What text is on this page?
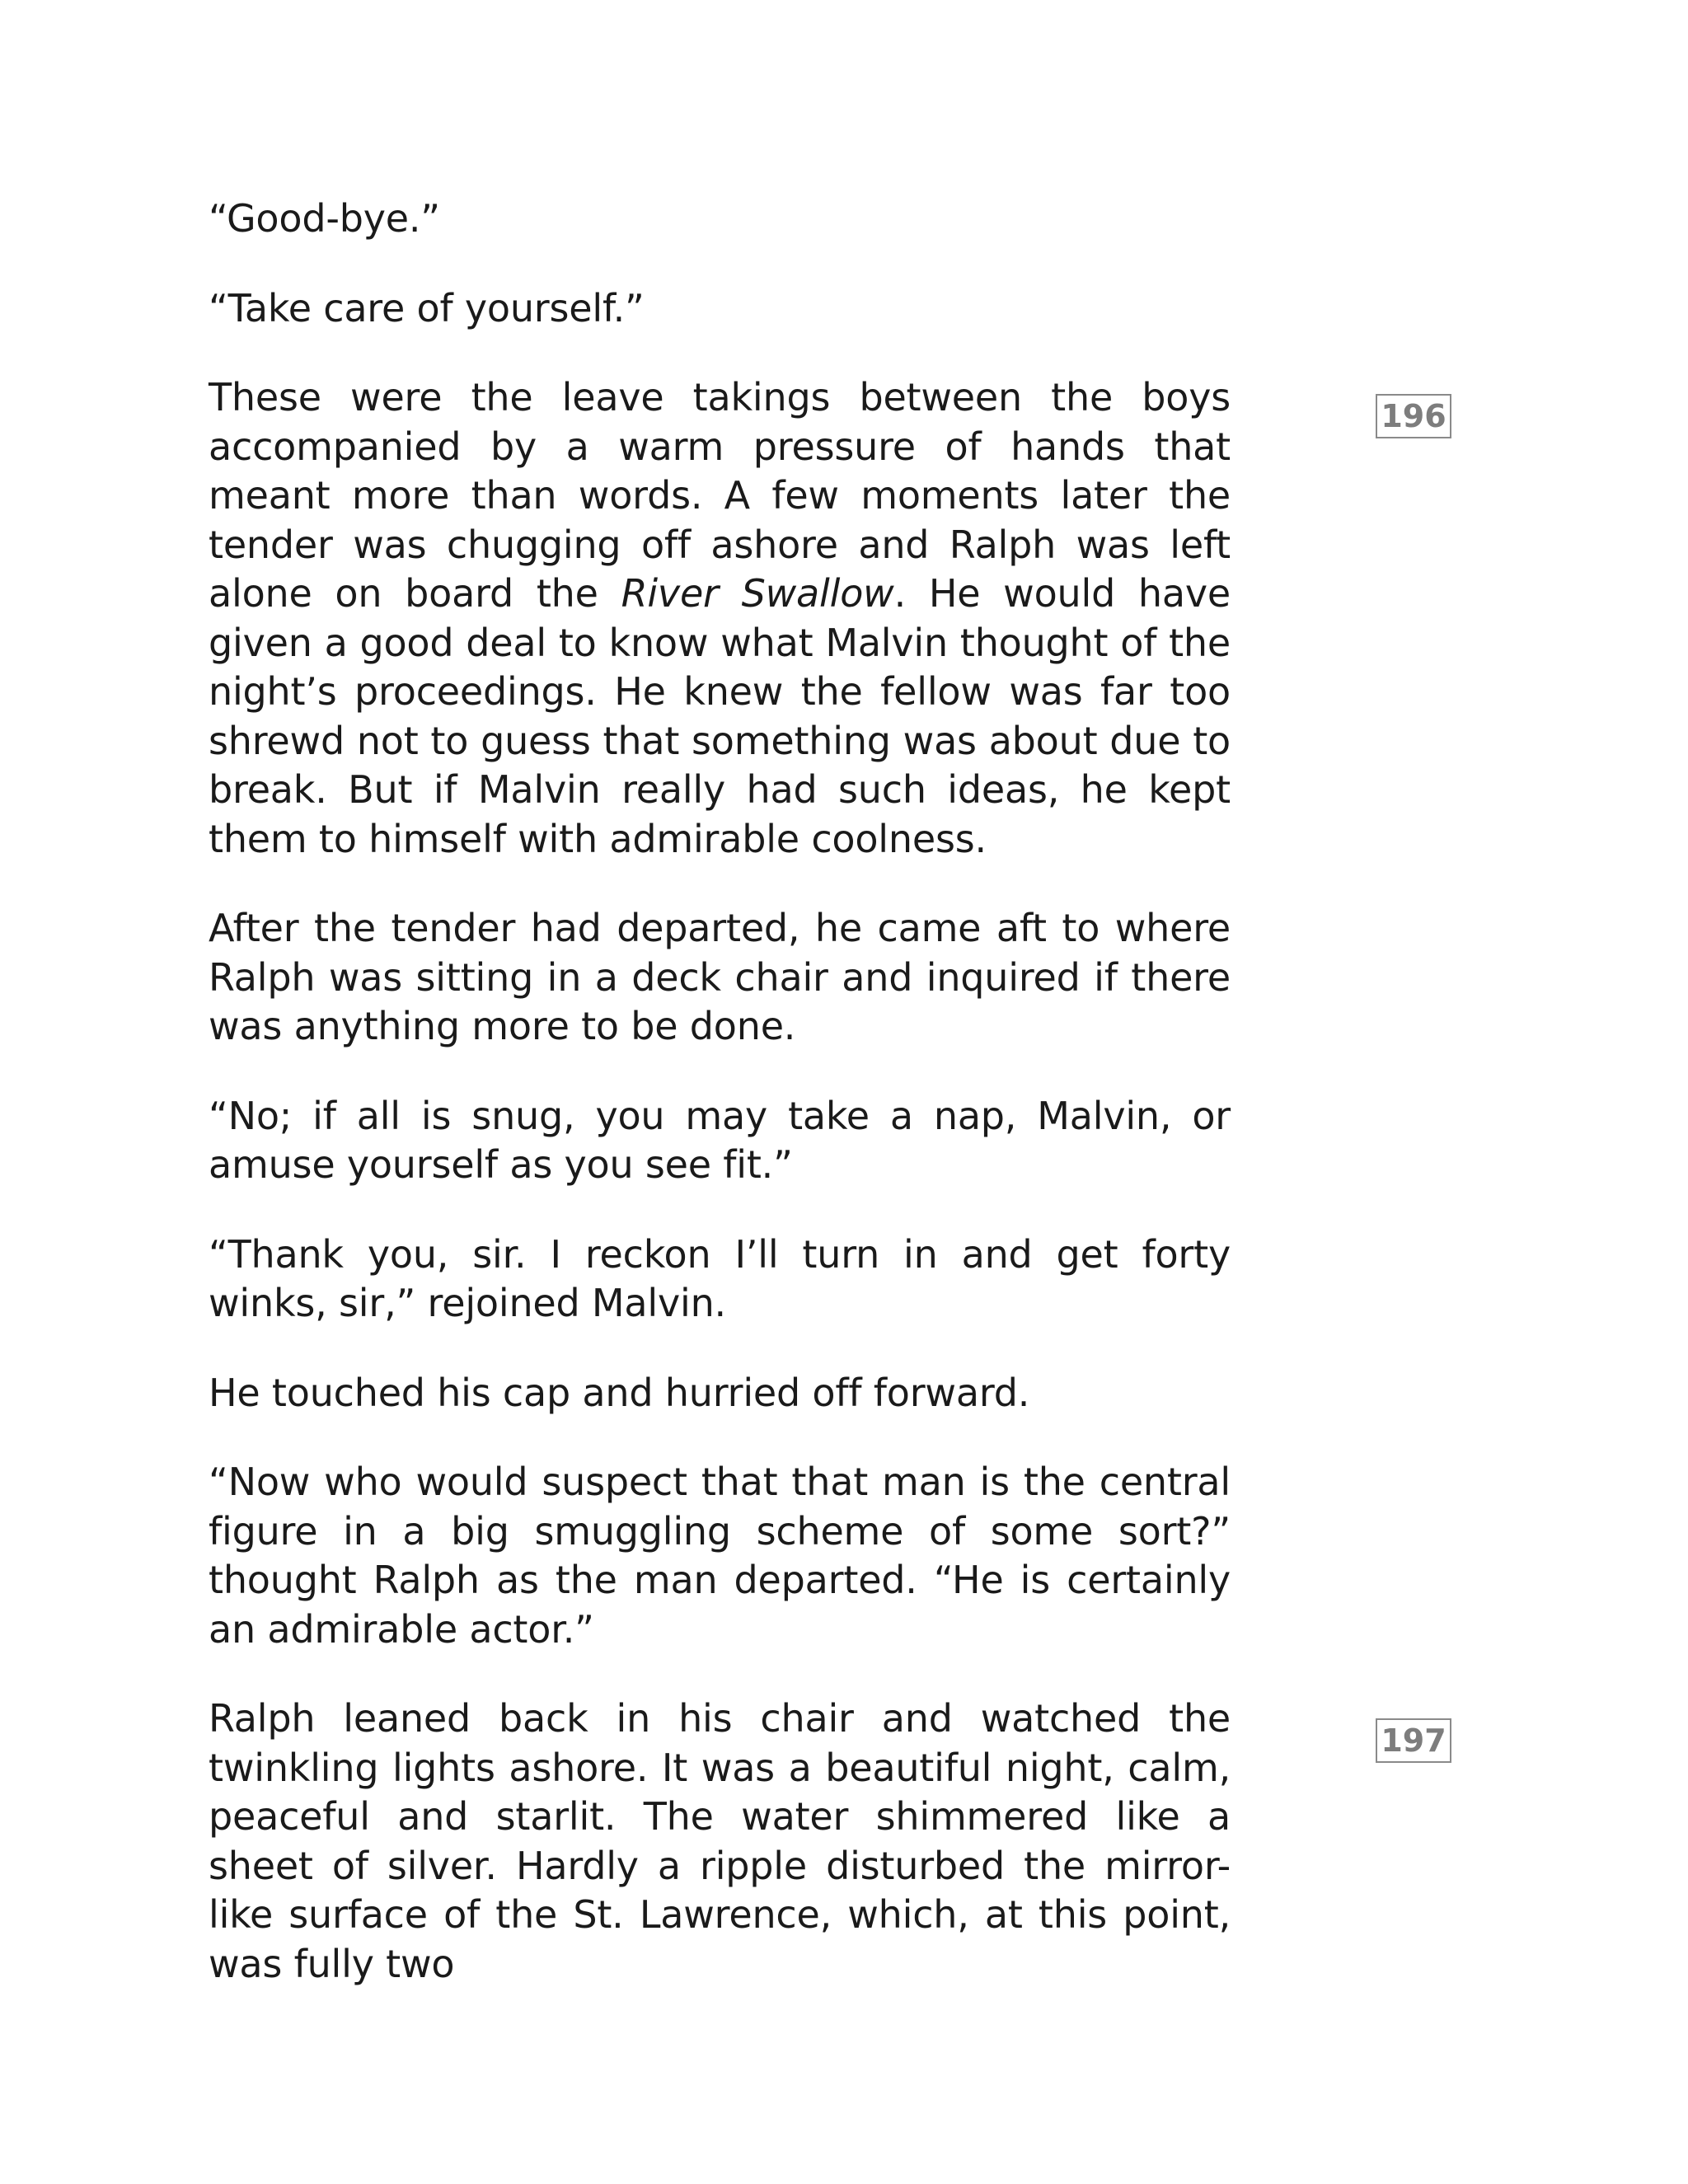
“Good-bye.”

“Take care of yourself.”

These were the leave takings between the boys accompanied by a warm pressure of hands that meant more than words. A few moments later the tender was chugging off ashore and Ralph was left alone on board the River Swallow. He would have given a good deal to know what Malvin thought of the night’s proceedings. He knew the fellow was far too shrewd not to guess that something was about due to break. But if Malvin really had such ideas, he kept them to himself with admirable coolness.

After the tender had departed, he came aft to where Ralph was sitting in a deck chair and inquired if there was anything more to be done.

“No; if all is snug, you may take a nap, Malvin, or amuse yourself as you see fit.”

“Thank you, sir. I reckon I’ll turn in and get forty winks, sir,” rejoined Malvin.

He touched his cap and hurried off forward.

“Now who would suspect that that man is the central figure in a big smuggling scheme of some sort?” thought Ralph as the man departed. “He is certainly an admirable actor.”

Ralph leaned back in his chair and watched the twinkling lights ashore. It was a beautiful night, calm, peaceful and starlit. The water shimmered like a sheet of silver. Hardly a ripple disturbed the mirror-like surface of the St. Lawrence, which, at this point, was fully two

196
197
